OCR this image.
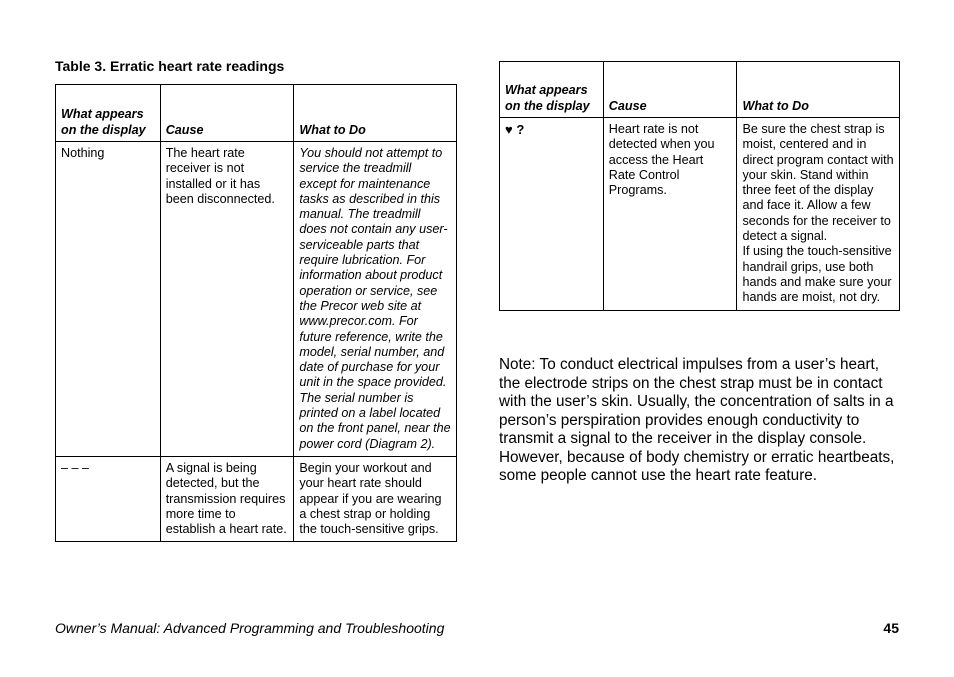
Table 3. Erratic heart rate readings
What appears on the display	Cause	What to Do
Nothing	The heart rate receiver is not installed or it has been disconnected.	You should not attempt to service the treadmill except for maintenance tasks as described in this manual. The treadmill does not contain any user-serviceable parts that require lubrication. For information about product operation or service, see the Precor web site at www.precor.com. For future reference, write the model, serial number, and date of purchase for your unit in the space provided. The serial number is printed on a label located on the front panel, near the power cord (Diagram 2).
– – –	A signal is being detected, but the transmission requires more time to establish a heart rate.	Begin your workout and your heart rate should appear if you are wearing a chest strap or holding the touch-sensitive grips.
What appears on the display	Cause	What to Do
♥ ?	Heart rate is not detected when you access the Heart Rate Control Programs.	Be sure the chest strap is moist, centered and in direct program contact with your skin. Stand within three feet of the display and face it. Allow a few seconds for the receiver to detect a signal.
If using the touch-sensitive handrail grips, use both hands and make sure your hands are moist, not dry.
Note: To conduct electrical impulses from a user’s heart, the electrode strips on the chest strap must be in contact with the user’s skin. Usually, the concentration of salts in a person’s perspiration provides enough conductivity to transmit a signal to the receiver in the display console. However, because of body chemistry or erratic heartbeats, some people cannot use the heart rate feature.
Owner’s Manual: Advanced Programming and Troubleshooting	45
